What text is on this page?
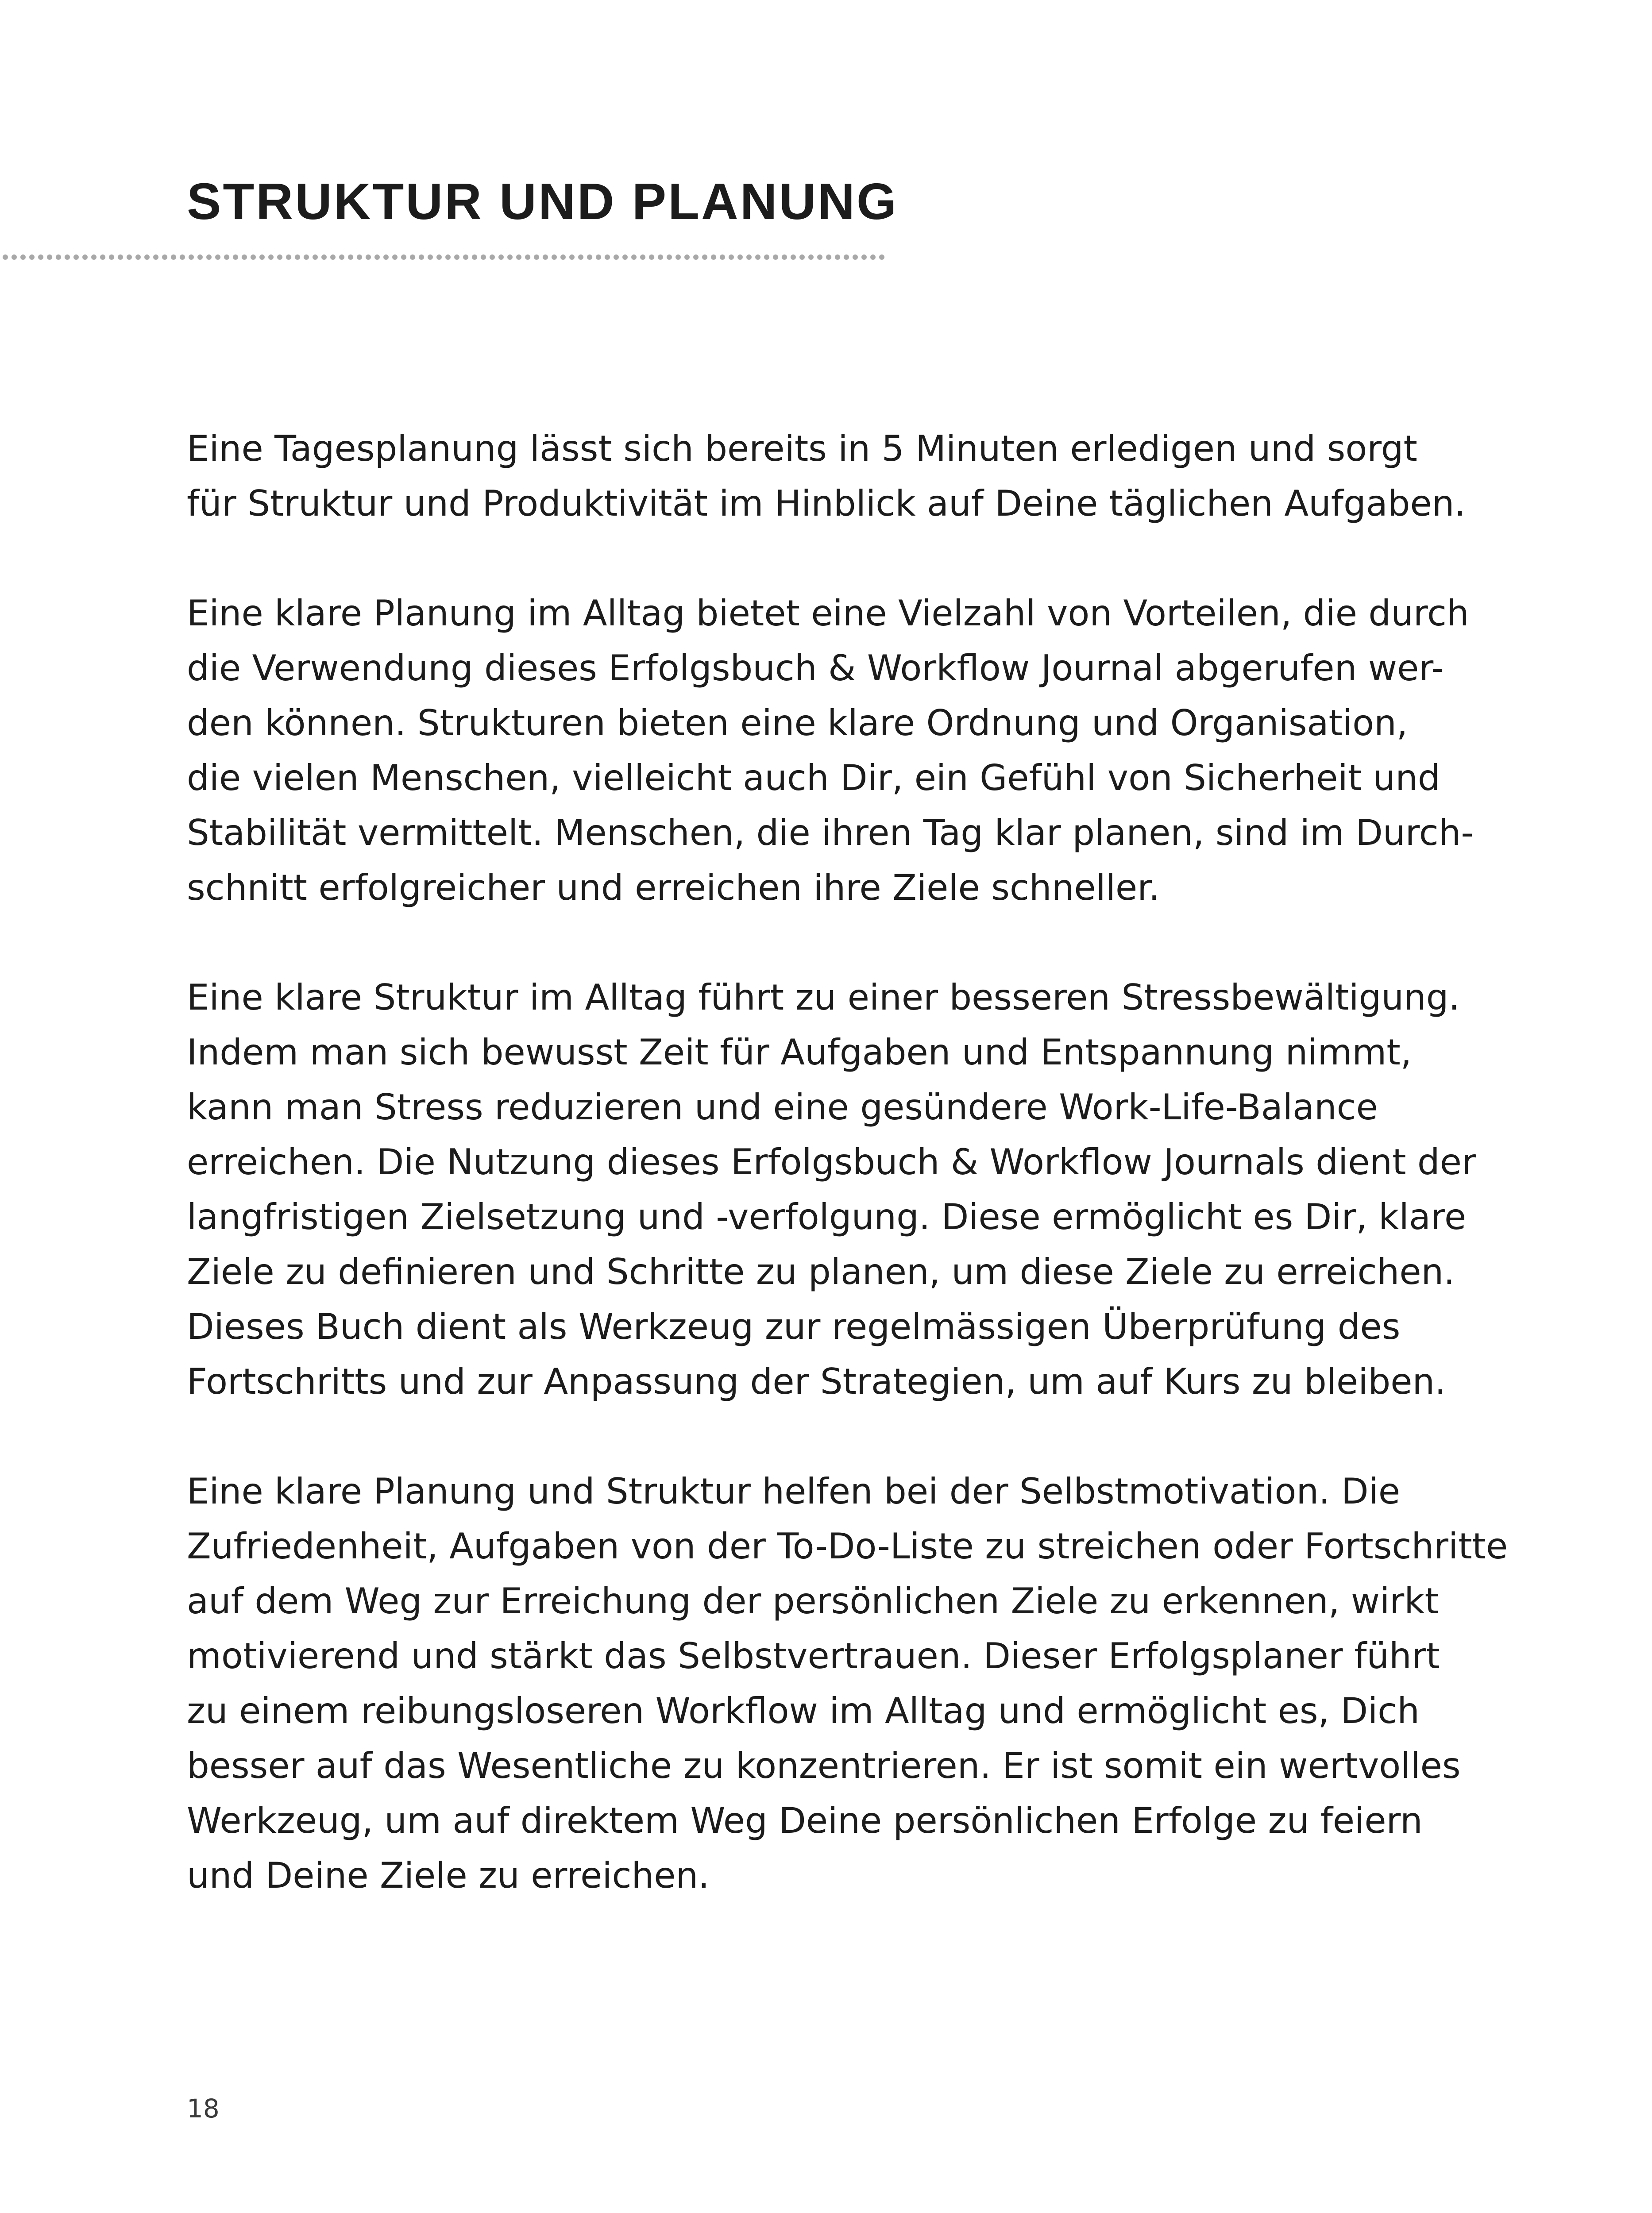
STRUKTUR UND PLANUNG

Eine Tagesplanung lässt sich bereits in 5 Minuten erledigen und sorgt
für Struktur und Produktivität im Hinblick auf Deine täglichen Aufgaben.

Eine klare Planung im Alltag bietet eine Vielzahl von Vorteilen, die durch
die Verwendung dieses Erfolgsbuch & Workflow Journal abgerufen wer-
den können. Strukturen bieten eine klare Ordnung und Organisation,
die vielen Menschen, vielleicht auch Dir, ein Gefühl von Sicherheit und
Stabilität vermittelt. Menschen, die ihren Tag klar planen, sind im Durch-
schnitt erfolgreicher und erreichen ihre Ziele schneller.

Eine klare Struktur im Alltag führt zu einer besseren Stressbewältigung.
Indem man sich bewusst Zeit für Aufgaben und Entspannung nimmt,
kann man Stress reduzieren und eine gesündere Work-Life-Balance
erreichen. Die Nutzung dieses Erfolgsbuch & Workflow Journals dient der
langfristigen Zielsetzung und -verfolgung. Diese ermöglicht es Dir, klare
Ziele zu definieren und Schritte zu planen, um diese Ziele zu erreichen.
Dieses Buch dient als Werkzeug zur regelmässigen Überprüfung des
Fortschritts und zur Anpassung der Strategien, um auf Kurs zu bleiben.

Eine klare Planung und Struktur helfen bei der Selbstmotivation. Die
Zufriedenheit, Aufgaben von der To-Do-Liste zu streichen oder Fortschritte
auf dem Weg zur Erreichung der persönlichen Ziele zu erkennen, wirkt
motivierend und stärkt das Selbstvertrauen. Dieser Erfolgsplaner führt
zu einem reibungsloseren Workflow im Alltag und ermöglicht es, Dich
besser auf das Wesentliche zu konzentrieren. Er ist somit ein wertvolles
Werkzeug, um auf direktem Weg Deine persönlichen Erfolge zu feiern
und Deine Ziele zu erreichen.

18
